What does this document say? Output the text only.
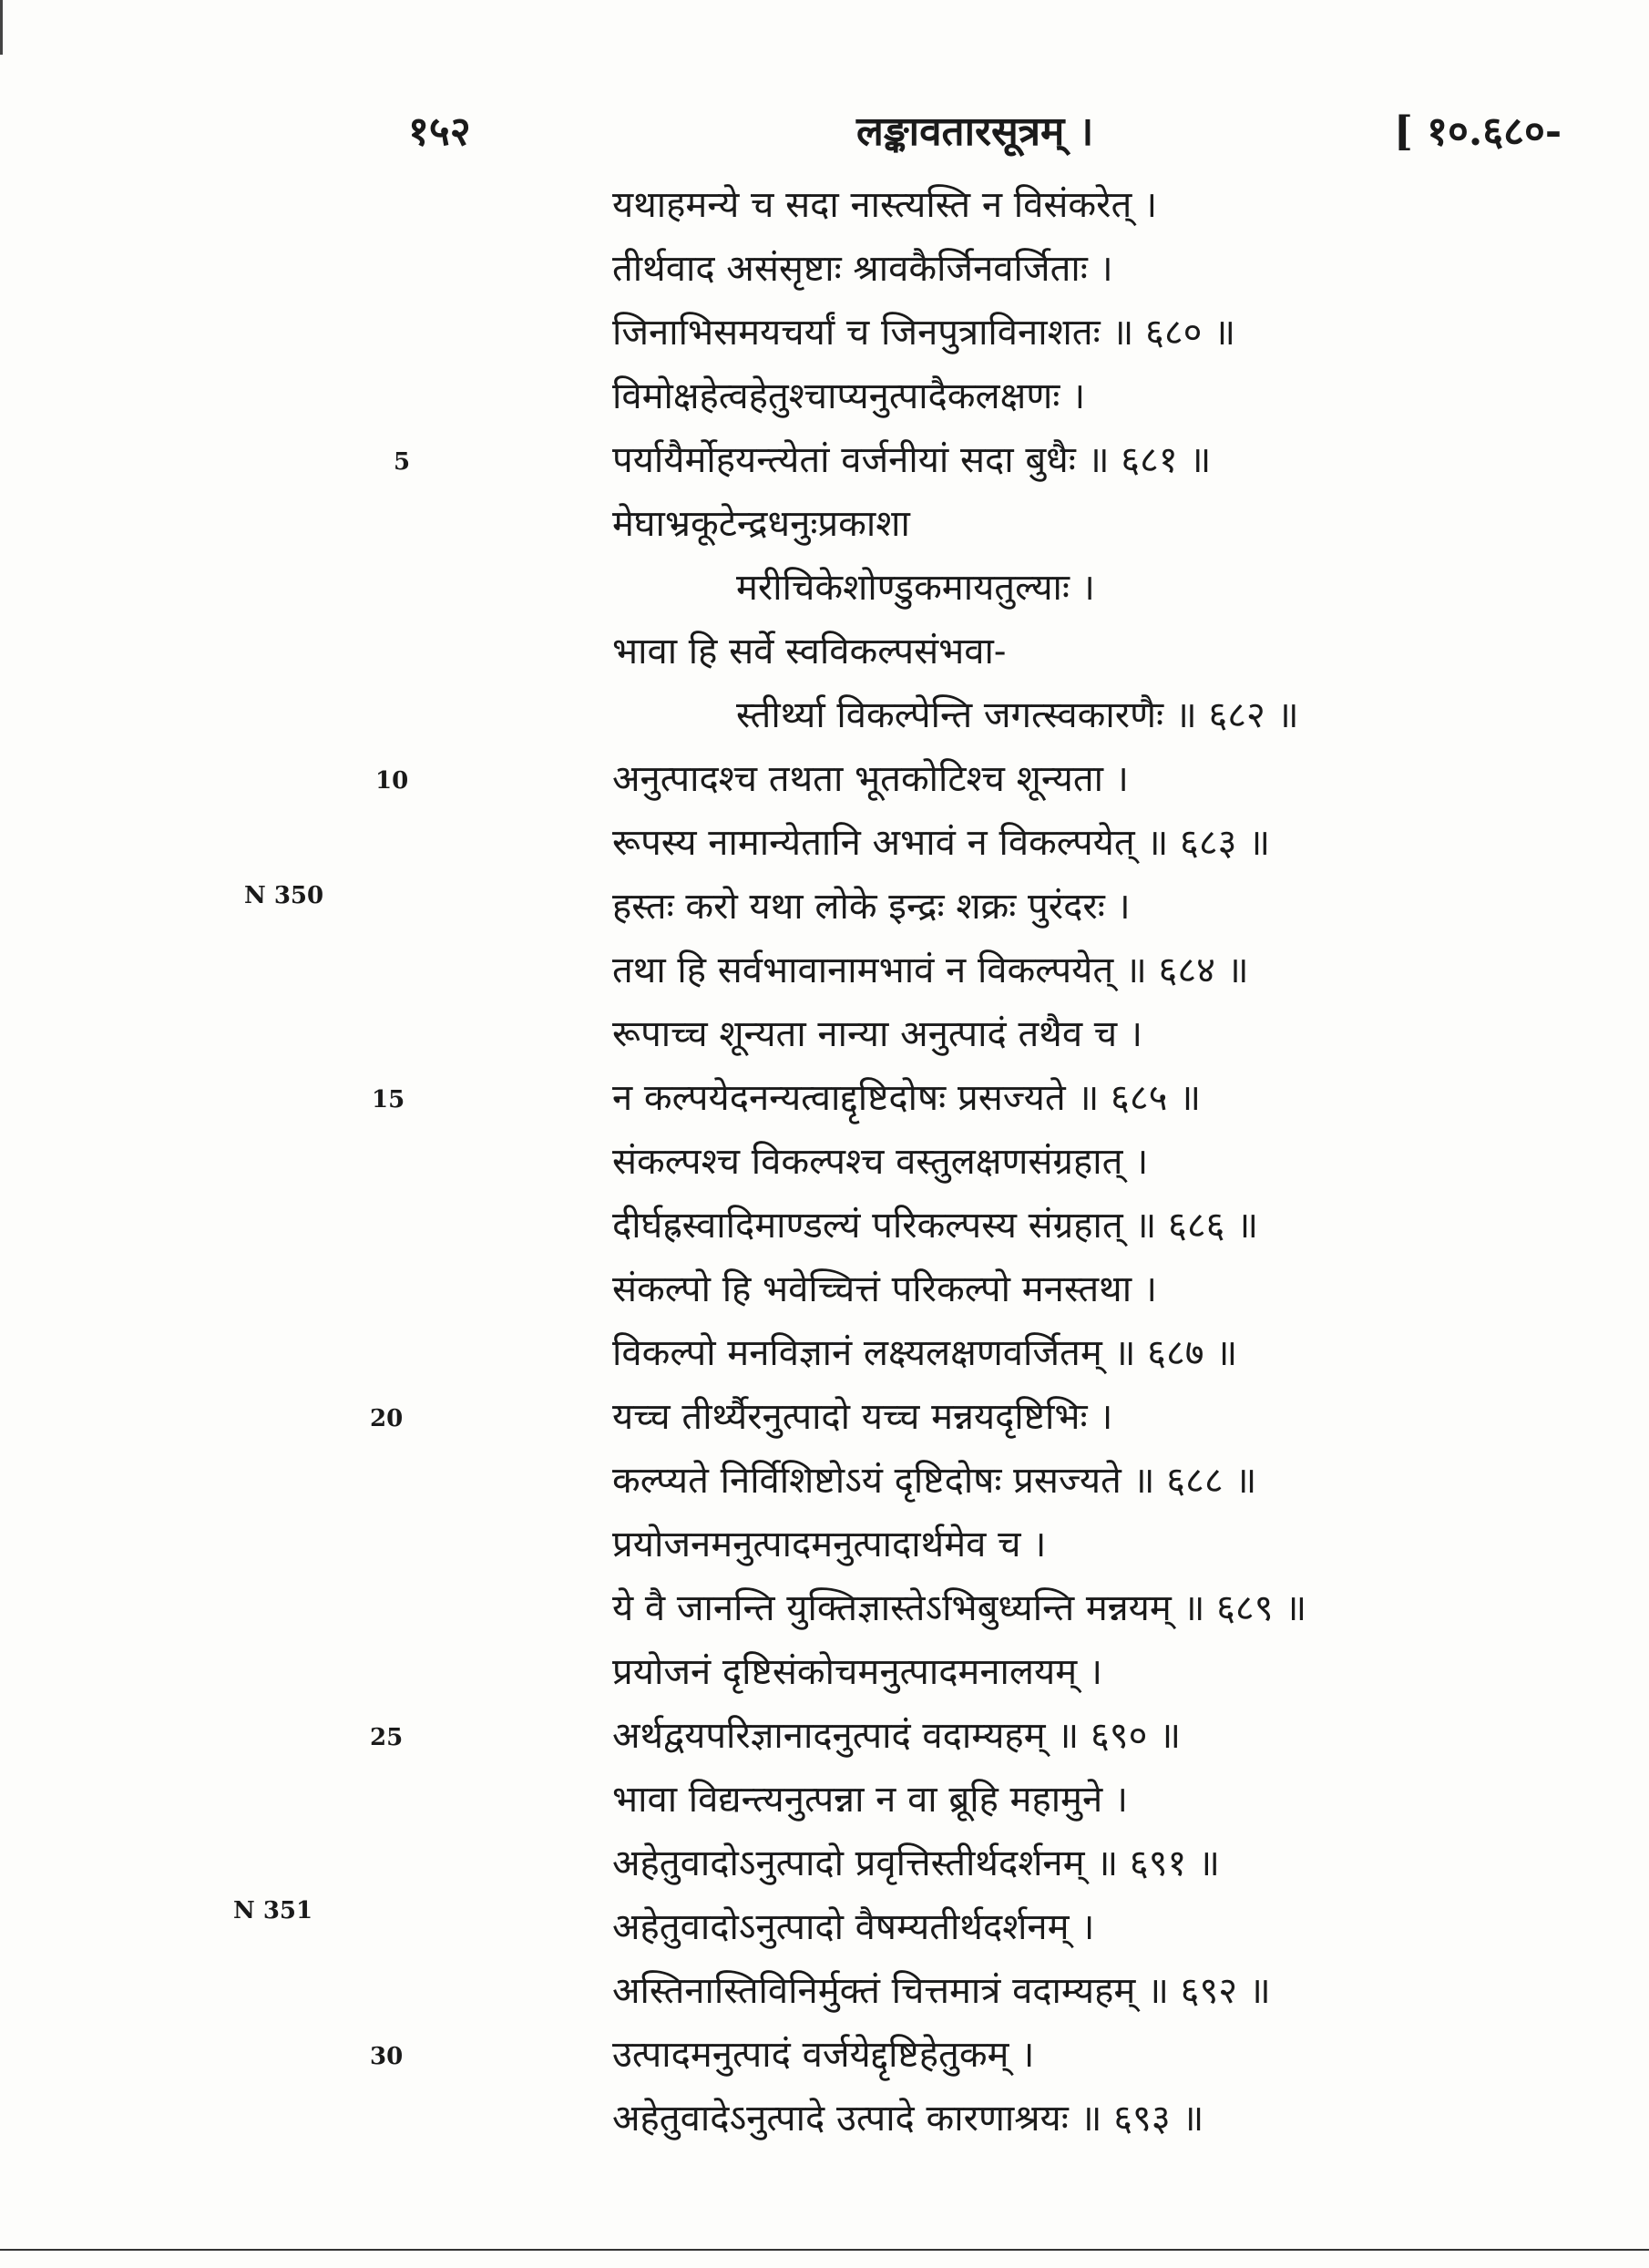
१५२	लङ्कावतारसूत्रम् ।	[ १०.६८०-
यथाहमन्ये च सदा नास्त्यस्ति न विसंकरेत् ।
तीर्थवाद असंसृष्टाः श्रावकैर्जिनवर्जिताः ।
जिनाभिसमयचर्यां च जिनपुत्राविनाशतः ॥ ६८० ॥
विमोक्षहेत्वहेतुश्चाप्यनुत्पादैकलक्षणः ।
पर्यायैर्मोहयन्त्येतां वर्जनीयां सदा बुधैः ॥ ६८१ ॥
मेघाभ्रकूटेन्द्रधनुःप्रकाशा
मरीचिकेशोण्डुकमायतुल्याः ।
भावा हि सर्वे स्वविकल्पसंभवा-
स्तीर्थ्या विकल्पेन्ति जगत्स्वकारणैः ॥ ६८२ ॥
अनुत्पादश्च तथता भूतकोटिश्च शून्यता ।
रूपस्य नामान्येतानि अभावं न विकल्पयेत् ॥ ६८३ ॥
हस्तः करो यथा लोके इन्द्रः शक्रः पुरंदरः ।
तथा हि सर्वभावानामभावं न विकल्पयेत् ॥ ६८४ ॥
रूपाच्च शून्यता नान्या अनुत्पादं तथैव च ।
न कल्पयेदनन्यत्वाद्दृष्टिदोषः प्रसज्यते ॥ ६८५ ॥
संकल्पश्च विकल्पश्च वस्तुलक्षणसंग्रहात् ।
दीर्घह्रस्वादिमाण्डल्यं परिकल्पस्य संग्रहात् ॥ ६८६ ॥
संकल्पो हि भवेच्चित्तं परिकल्पो मनस्तथा ।
विकल्पो मनविज्ञानं लक्ष्यलक्षणवर्जितम् ॥ ६८७ ॥
यच्च तीर्थ्यैरनुत्पादो यच्च मन्नयदृष्टिभिः ।
कल्प्यते निर्विशिष्टोऽयं दृष्टिदोषः प्रसज्यते ॥ ६८८ ॥
प्रयोजनमनुत्पादमनुत्पादार्थमेव च ।
ये वै जानन्ति युक्तिज्ञास्तेऽभिबुध्यन्ति मन्नयम् ॥ ६८९ ॥
प्रयोजनं दृष्टिसंकोचमनुत्पादमनालयम् ।
अर्थद्वयपरिज्ञानादनुत्पादं वदाम्यहम् ॥ ६९० ॥
भावा विद्यन्त्यनुत्पन्ना न वा ब्रूहि महामुने ।
अहेतुवादोऽनुत्पादो प्रवृत्तिस्तीर्थदर्शनम् ॥ ६९१ ॥
अहेतुवादोऽनुत्पादो वैषम्यतीर्थदर्शनम् ।
अस्तिनास्तिविनिर्मुक्तं चित्तमात्रं वदाम्यहम् ॥ ६९२ ॥
उत्पादमनुत्पादं वर्जयेद्दृष्टिहेतुकम् ।
अहेतुवादेऽनुत्पादे उत्पादे कारणाश्रयः ॥ ६९३ ॥
5
10
15
20
25
30
N 350
N 351
